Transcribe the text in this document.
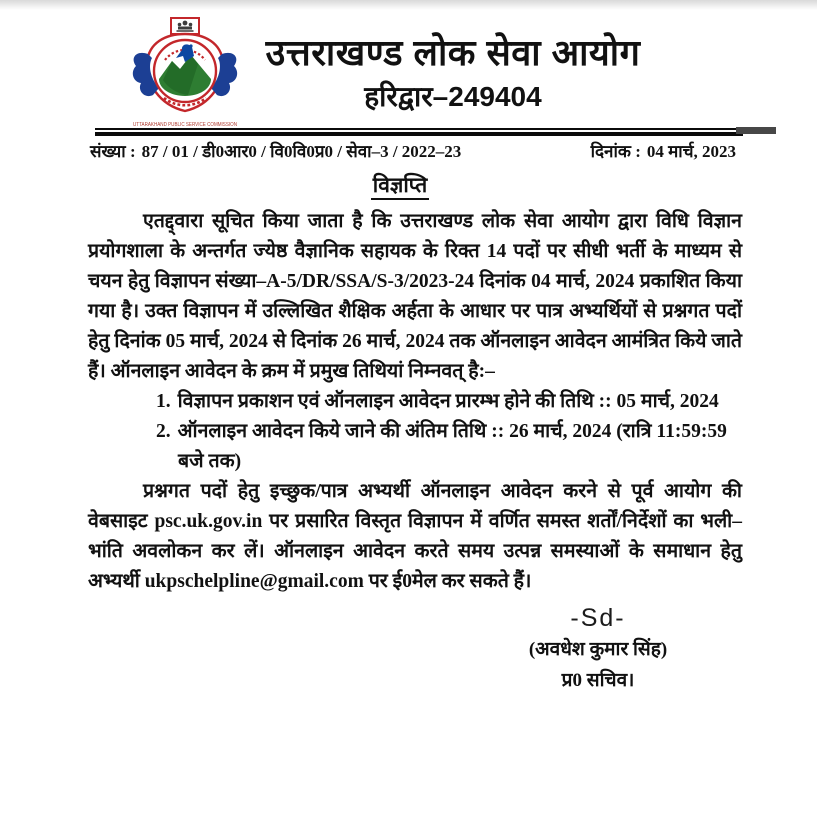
UTTARAKHAND PUBLIC SERVICE COMMISSION
उत्तराखण्ड लोक सेवा आयोग
हरिद्वार–249404
संख्या : 87 / 01 / डी0आर0 / वि0वि0प्र0 / सेवा–3 / 2022–23	दिनांक : 04 मार्च, 2023
विज्ञप्ति

एतद्द्वारा सूचित किया जाता है कि उत्तराखण्ड लोक सेवा आयोग द्वारा विधि विज्ञान प्रयोगशाला के अन्तर्गत ज्येष्ठ वैज्ञानिक सहायक के रिक्त 14 पदों पर सीधी भर्ती के माध्यम से चयन हेतु विज्ञापन संख्या–A-5/DR/SSA/S-3/2023-24 दिनांक 04 मार्च, 2024 प्रकाशित किया गया है। उक्त विज्ञापन में उल्लिखित शैक्षिक अर्हता के आधार पर पात्र अभ्यर्थियों से प्रश्नगत पदों हेतु दिनांक 05 मार्च, 2024 से दिनांक 26 मार्च, 2024 तक ऑनलाइन आवेदन आमंत्रित किये जाते हैं। ऑनलाइन आवेदन के क्रम में प्रमुख तिथियां निम्नवत् है:–

1. विज्ञापन प्रकाशन एवं ऑनलाइन आवेदन प्रारम्भ होने की तिथि :: 05 मार्च, 2024
2. ऑनलाइन आवेदन किये जाने की अंतिम तिथि :: 26 मार्च, 2024 (रात्रि 11:59:59 बजे तक)

प्रश्नगत पदों हेतु इच्छुक/पात्र अभ्यर्थी ऑनलाइन आवेदन करने से पूर्व आयोग की वेबसाइट psc.uk.gov.in पर प्रसारित विस्तृत विज्ञापन में वर्णित समस्त शर्तों/निर्देशों का भली–भांति अवलोकन कर लें। ऑनलाइन आवेदन करते समय उत्पन्न समस्याओं के समाधान हेतु अभ्यर्थी ukpschelpline@gmail.com पर ई0मेल कर सकते हैं।

-Sd-
(अवधेश कुमार सिंह)
प्र0 सचिव।
